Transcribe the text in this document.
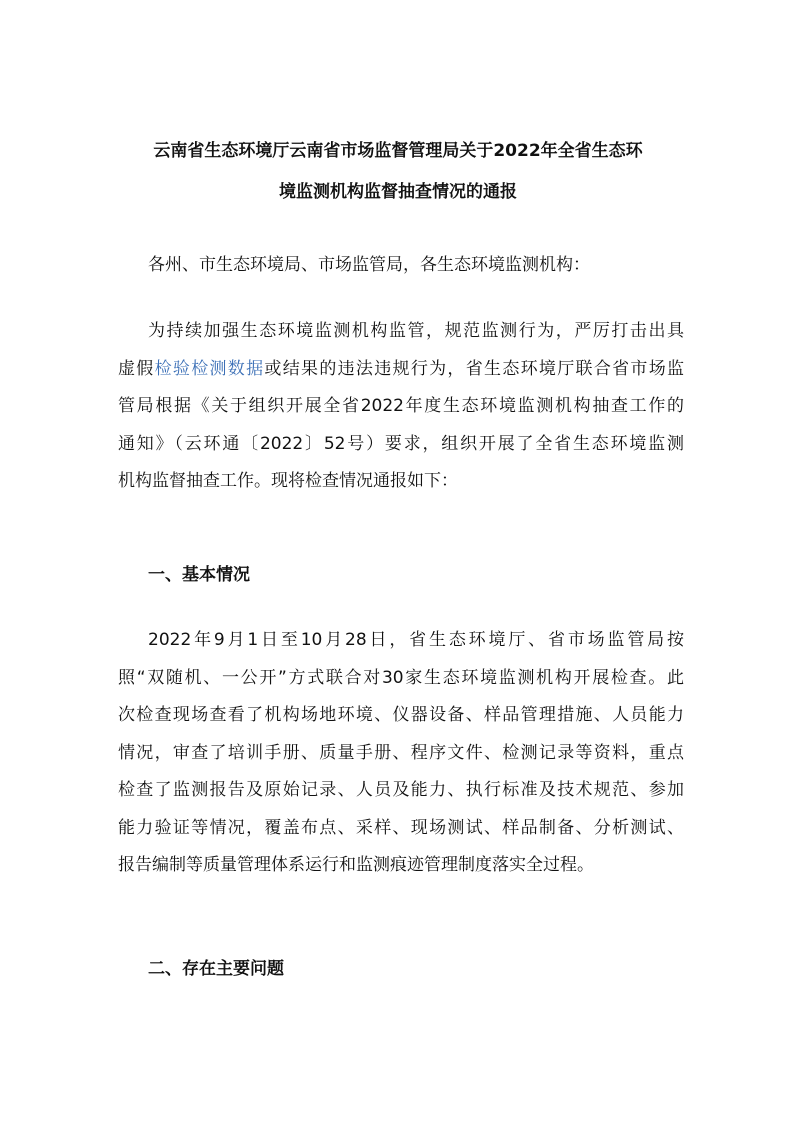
云南省生态环境厅云南省市场监督管理局关于2022年全省生态环
境监测机构监督抽查情况的通报
各州、市生态环境局、市场监管局，各生态环境监测机构：
为持续加强生态环境监测机构监管，规范监测行为，严厉打击出具
虚假检验检测数据或结果的违法违规行为，省生态环境厅联合省市场监
管局根据《关于组织开展全省2022年度生态环境监测机构抽查工作的
通知》（云环通〔2022〕52号）要求，组织开展了全省生态环境监测
机构监督抽查工作。现将检查情况通报如下：
一、基本情况
2022年9月1日至10月28日，省生态环境厅、省市场监管局按
照“双随机、一公开”方式联合对30家生态环境监测机构开展检查。此
次检查现场查看了机构场地环境、仪器设备、样品管理措施、人员能力
情况，审查了培训手册、质量手册、程序文件、检测记录等资料，重点
检查了监测报告及原始记录、人员及能力、执行标准及技术规范、参加
能力验证等情况，覆盖布点、采样、现场测试、样品制备、分析测试、
报告编制等质量管理体系运行和监测痕迹管理制度落实全过程。
二、存在主要问题
